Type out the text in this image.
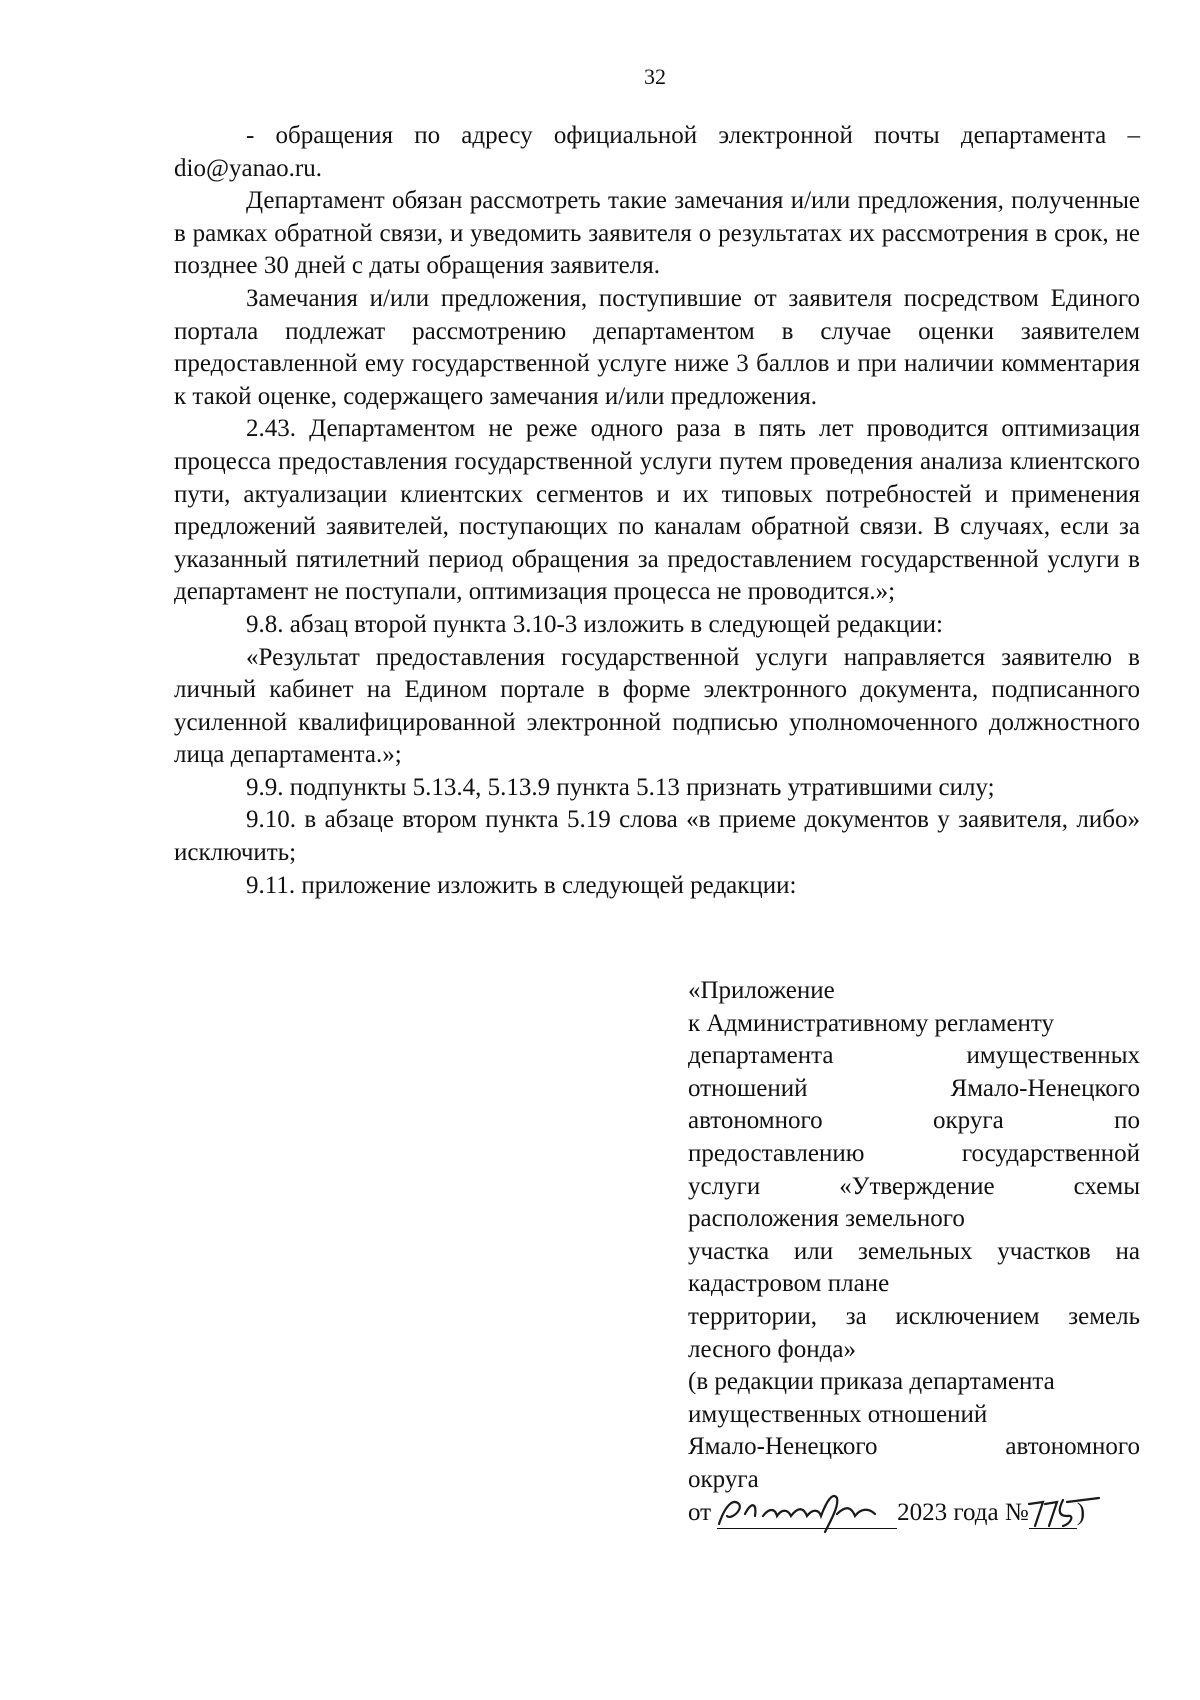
32

- обращения по адресу официальной электронной почты департамента – dio@yanao.ru.

Департамент обязан рассмотреть такие замечания и/или предложения, полученные в рамках обратной связи, и уведомить заявителя о результатах их рассмотрения в срок, не позднее 30 дней с даты обращения заявителя.

Замечания и/или предложения, поступившие от заявителя посредством Единого портала подлежат рассмотрению департаментом в случае оценки заявителем предоставленной ему государственной услуге ниже 3 баллов и при наличии комментария к такой оценке, содержащего замечания и/или предложения.

2.43. Департаментом не реже одного раза в пять лет проводится оптимизация процесса предоставления государственной услуги путем проведения анализа клиентского пути, актуализации клиентских сегментов и их типовых потребностей и применения предложений заявителей, поступающих по каналам обратной связи. В случаях, если за указанный пятилетний период обращения за предоставлением государственной услуги в департамент не поступали, оптимизация процесса не проводится.»;

9.8. абзац второй пункта 3.10-3 изложить в следующей редакции:

«Результат предоставления государственной услуги направляется заявителю в личный кабинет на Едином портале в форме электронного документа, подписанного усиленной квалифицированной электронной подписью уполномоченного должностного лица департамента.»;

9.9. подпункты 5.13.4, 5.13.9 пункта 5.13 признать утратившими силу;

9.10. в абзаце втором пункта 5.19 слова «в приеме документов у заявителя, либо» исключить;

9.11. приложение изложить в следующей редакции:

«Приложение
к Административному регламенту
департамента имущественных
отношений Ямало-Ненецкого
автономного округа по
предоставлению государственной
услуги «Утверждение схемы
расположения земельного
участка или земельных участков на
кадастровом плане
территории, за исключением земель
лесного фонда»
(в редакции приказа департамента
имущественных отношений
Ямало-Ненецкого автономного
округа
от	2023 года № )
